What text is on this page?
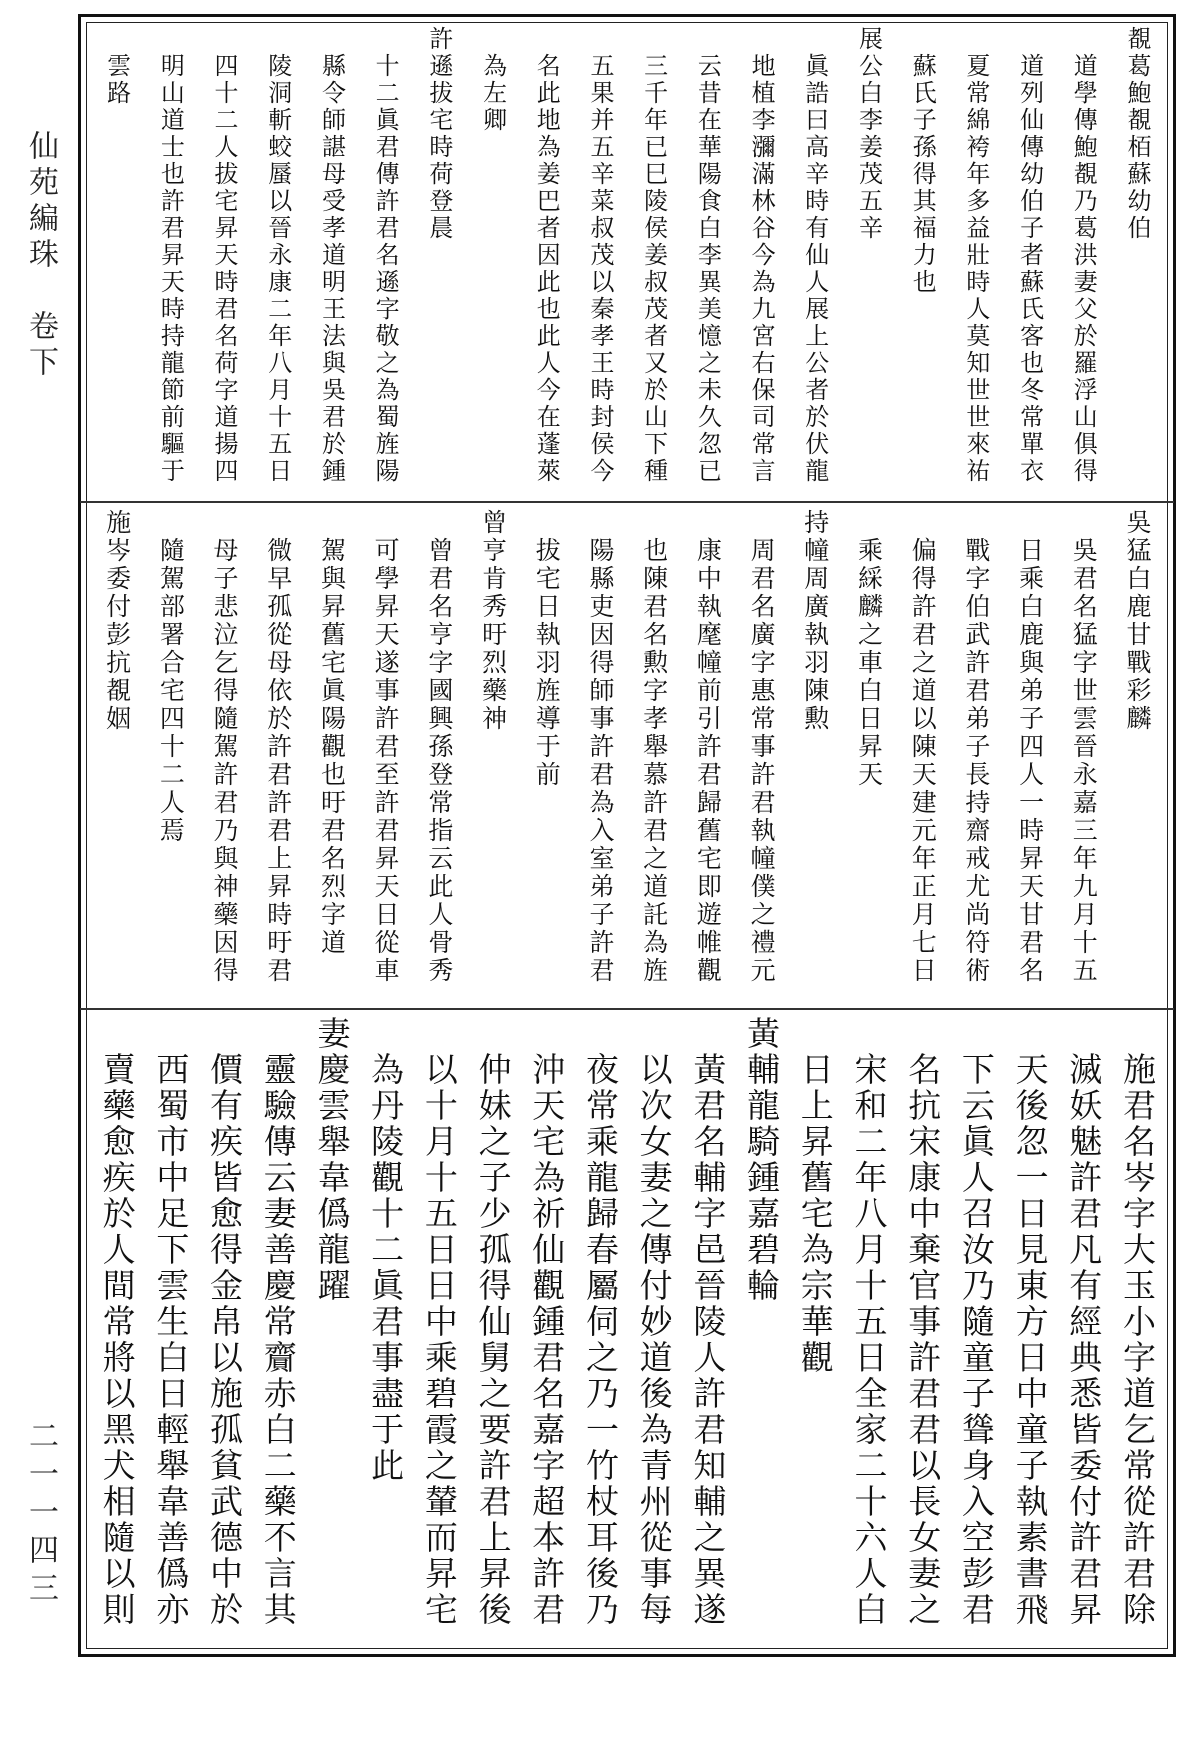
仙苑編珠　卷下
二一一四三
覩葛鮑覩栢蘇幼伯
道學傳鮑覩乃葛洪妻父於羅浮山俱得
道列仙傳幼伯子者蘇氏客也冬常單衣
夏常綿袴年多益壯時人莫知世世來祐
蘇氏子孫得其福力也
展公白李姜茂五辛
眞誥曰高辛時有仙人展上公者於伏龍
地植李瀰滿林谷今為九宮右保司常言
云昔在華陽食白李異美憶之未久忽已
三千年已巳陵侯姜叔茂者又於山下種
五果并五辛菜叔茂以秦孝王時封侯今
名此地為姜巴者因此也此人今在蓬萊
為左卿
許遜拔宅時荷登晨
十二眞君傳許君名遜字敬之為蜀旌陽
縣令師諶母受孝道明王法與吳君於鍾
陵洞斬蛟蜃以晉永康二年八月十五日
四十二人拔宅昇天時君名荷字道揚四
明山道士也許君昇天時持龍節前驅于
雲路
吳猛白鹿甘戰彩麟
吳君名猛字世雲晉永嘉三年九月十五
日乘白鹿與弟子四人一時昇天甘君名
戰字伯武許君弟子長持齋戒尤尚符術
偏得許君之道以陳天建元年正月七日
乘綵麟之車白日昇天
持幢周廣執羽陳勲
周君名廣字惠常事許君執幢僕之禮元
康中執麾幢前引許君歸舊宅即遊帷觀
也陳君名勲字孝舉慕許君之道託為旌
陽縣吏因得師事許君為入室弟子許君
拔宅日執羽旌導于前
曾亨肯秀旴烈藥神
曾君名亨字國興孫登常指云此人骨秀
可學昇天遂事許君至許君昇天日從車
駕與昇舊宅眞陽觀也旴君名烈字道
微早孤從母依於許君許君上昇時旴君
母子悲泣乞得隨駕許君乃與神藥因得
隨駕部署合宅四十二人焉
施岑委付彭抗覩姻
施君名岑字大玉小字道乞常從許君除
滅妖魅許君凡有經典悉皆委付許君昇
天後忽一日見東方日中童子執素書飛
下云眞人召汝乃隨童子聳身入空彭君
名抗宋康中棄官事許君君以長女妻之
宋和二年八月十五日全家二十六人白
日上昇舊宅為宗華觀
黃輔龍騎鍾嘉碧輪
黃君名輔字邑晉陵人許君知輔之異遂
以次女妻之傳付妙道後為青州從事每
夜常乘龍歸春屬伺之乃一竹杖耳後乃
沖天宅為祈仙觀鍾君名嘉字超本許君
仲妹之子少孤得仙舅之要許君上昇後
以十月十五日日中乘碧霞之輦而昇宅
為丹陵觀十二眞君事盡于此
妻慶雲舉韋僞龍躍
靈驗傳云妻善慶常齎赤白二藥不言其
價有疾皆愈得金帛以施孤貧武德中於
西蜀市中足下雲生白日輕舉韋善僞亦
賣藥愈疾於人間常將以黑犬相隨以則
